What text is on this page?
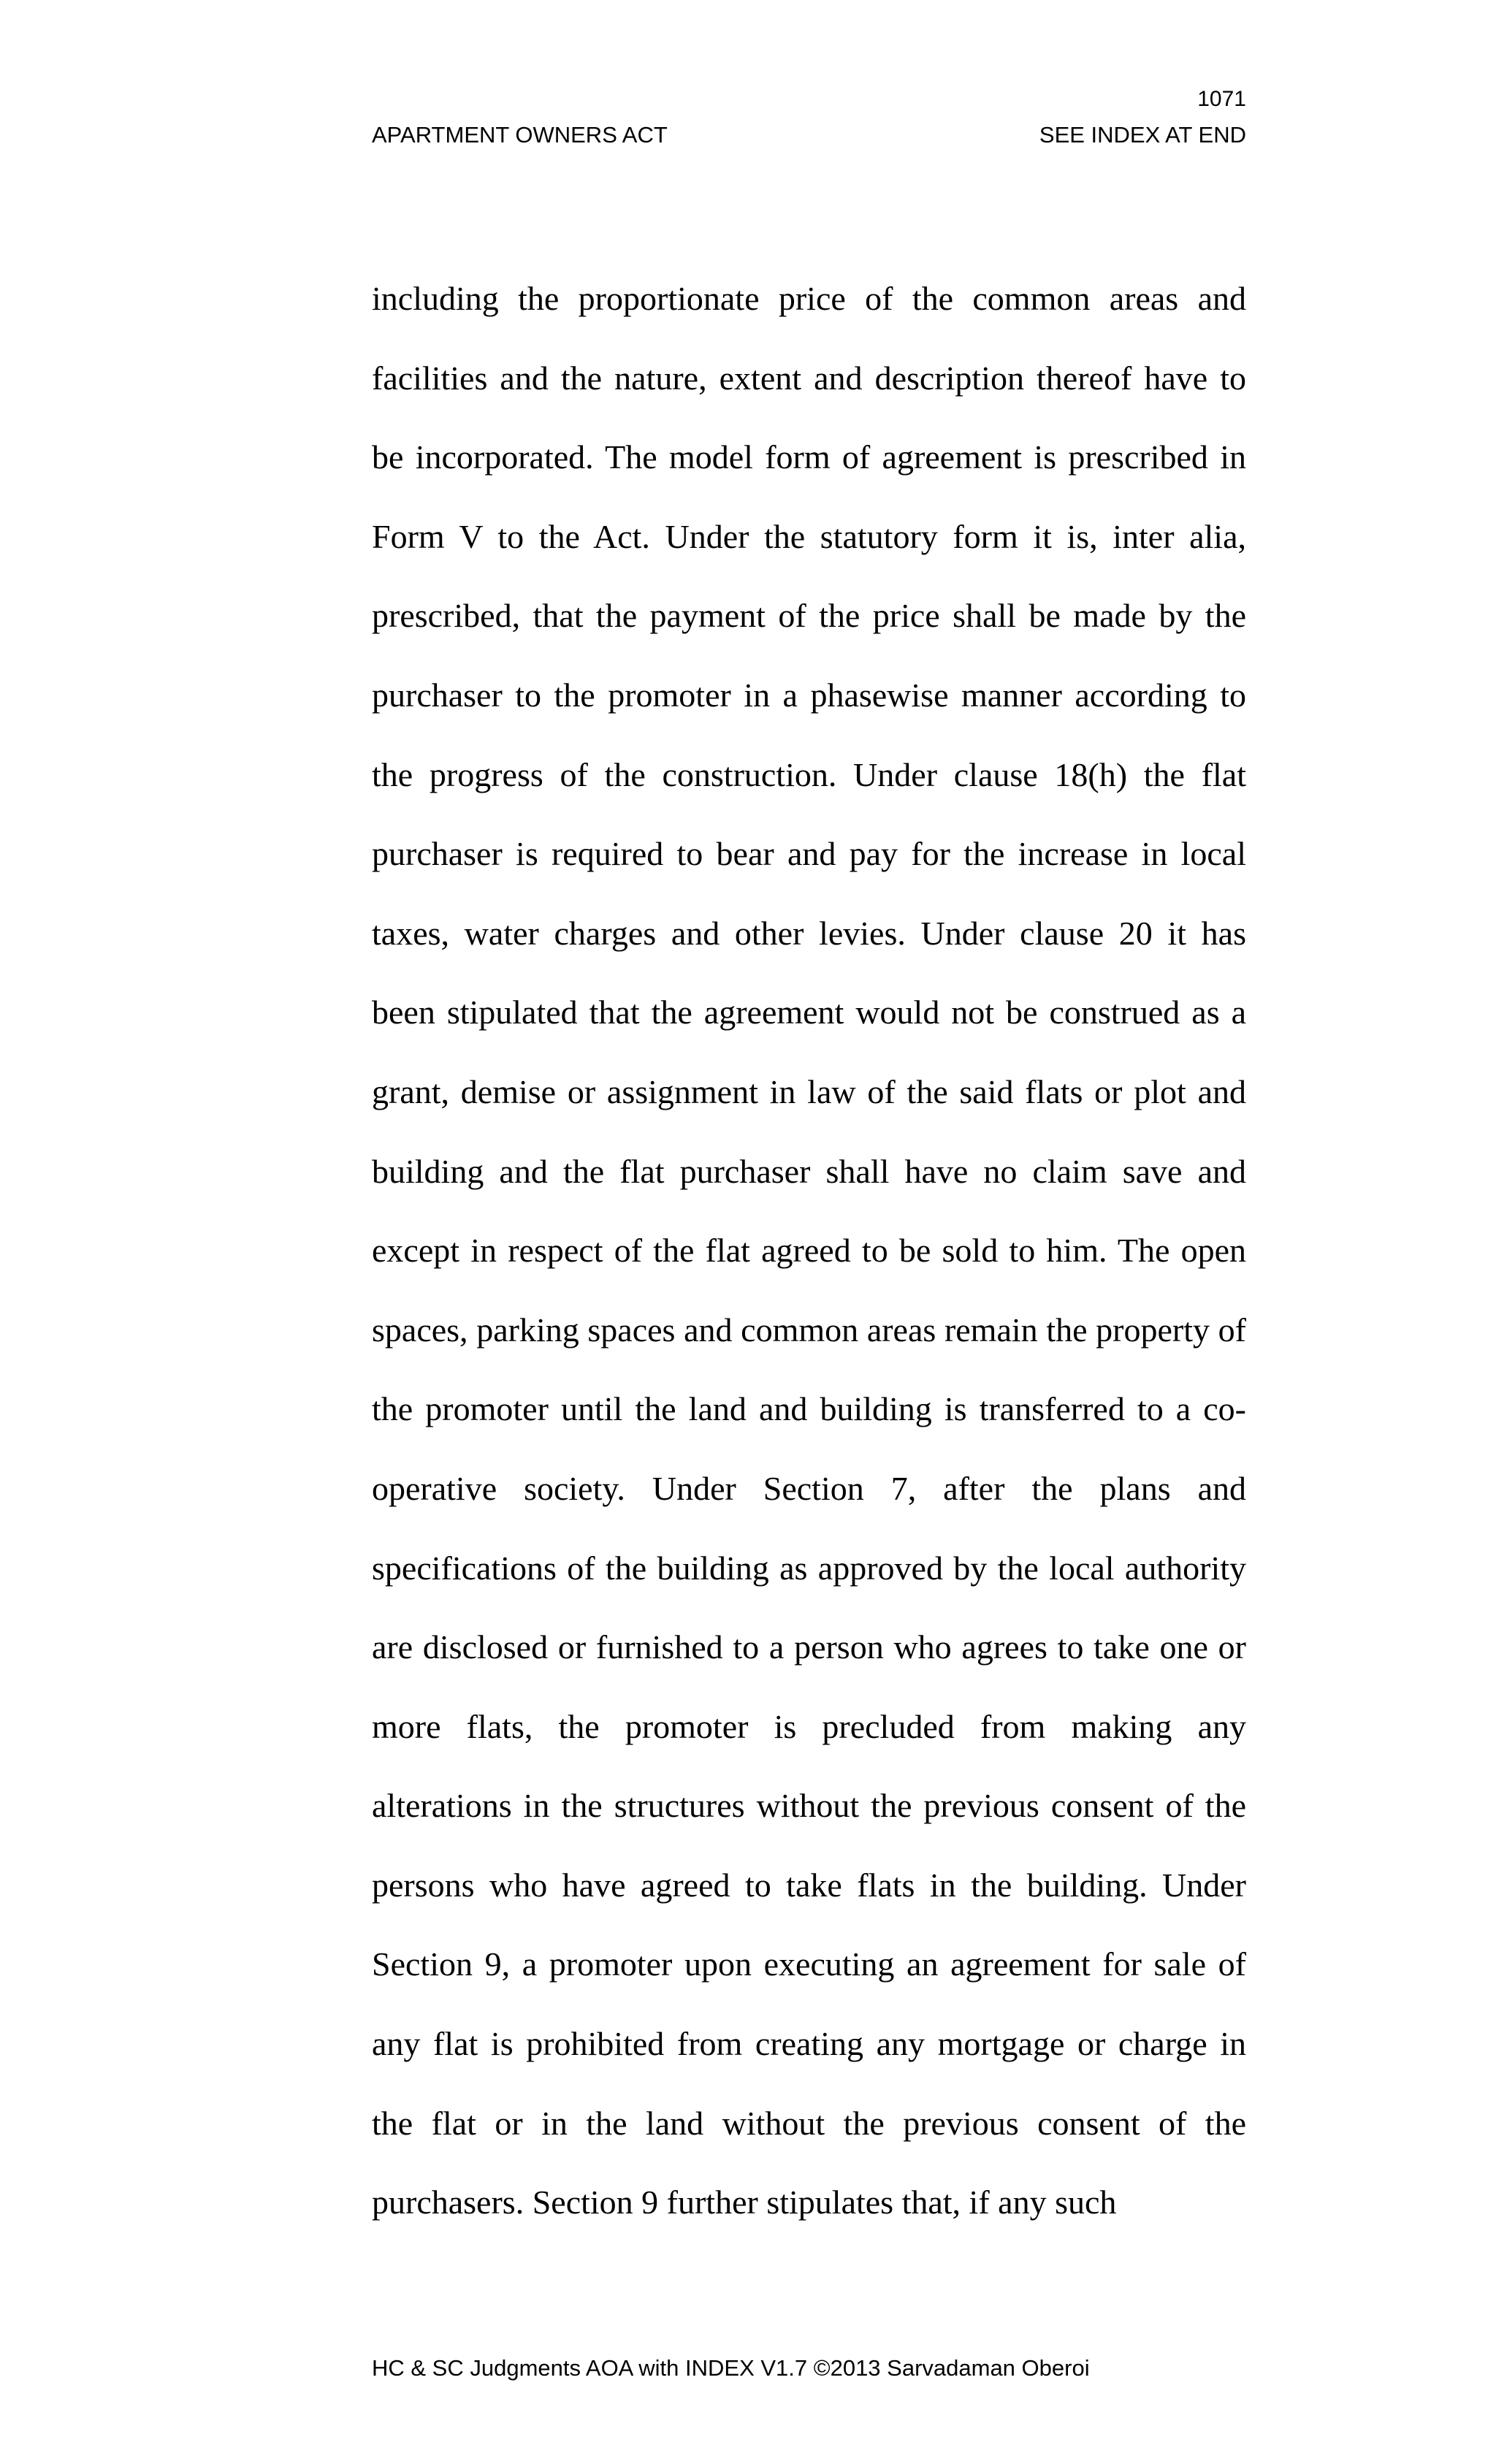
1071
APARTMENT OWNERS ACT	SEE INDEX AT END

including the proportionate price of the common areas and facilities and the nature, extent and description thereof have to be incorporated. The model form of agreement is prescribed in Form V to the Act. Under the statutory form it is, inter alia, prescribed, that the payment of the price shall be made by the purchaser to the promoter in a phasewise manner according to the progress of the construction. Under clause 18(h) the flat purchaser is required to bear and pay for the increase in local taxes, water charges and other levies. Under clause 20 it has been stipulated that the agreement would not be construed as a grant, demise or assignment in law of the said flats or plot and building and the flat purchaser shall have no claim save and except in respect of the flat agreed to be sold to him. The open spaces, parking spaces and common areas remain the property of the promoter until the land and building is transferred to a co-operative society. Under Section 7, after the plans and specifications of the building as approved by the local authority are disclosed or furnished to a person who agrees to take one or more flats, the promoter is precluded from making any alterations in the structures without the previous consent of the persons who have agreed to take flats in the building. Under Section 9, a promoter upon executing an agreement for sale of any flat is prohibited from creating any mortgage or charge in the flat or in the land without the previous consent of the purchasers. Section 9 further stipulates that, if any such

HC & SC Judgments AOA with INDEX V1.7 ©2013 Sarvadaman Oberoi
